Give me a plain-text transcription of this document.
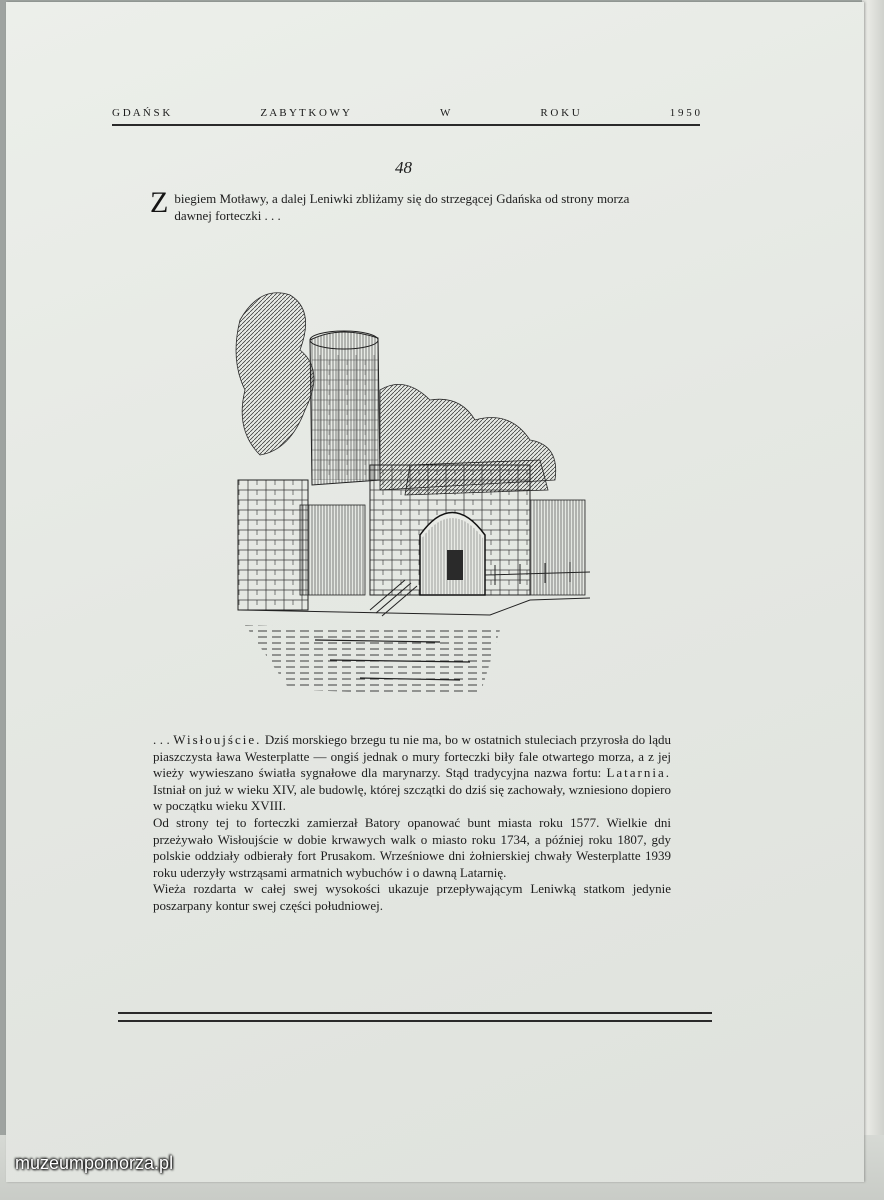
G D A Ń S K	Z A B Y T K O W Y	W	R O K U	1 9 5 0
48
Z biegiem Motławy, a dalej Leniwki zbliżamy się do strzegącej Gdańska od strony morza dawnej forteczki . . .

. . . Wisłoujście. Dziś morskiego brzegu tu nie ma, bo w ostatnich stuleciach przyrosła do lądu piaszczysta ława Westerplatte — ongiś jednak o mury forteczki biły fale otwartego morza, a z jej wieży wywieszano światła sygnałowe dla marynarzy. Stąd tradycyjna nazwa fortu: Latarnia. Istniał on już w wieku XIV, ale budowlę, której szczątki do dziś się zachowały, wzniesiono dopiero w początku wieku XVIII.

Od strony tej to forteczki zamierzał Batory opanować bunt miasta roku 1577. Wielkie dni przeżywało Wisłoujście w dobie krwawych walk o miasto roku 1734, a później roku 1807, gdy polskie oddziały odbierały fort Prusakom. Wrześniowe dni żołnierskiej chwały Westerplatte 1939 roku uderzyły wstrząsami armatnich wybuchów i o dawną Latarnię.

Wieża rozdarta w całej swej wysokości ukazuje przepływającym Leniwką statkom jedynie poszarpany kontur swej części południowej.

muzeumpomorza.pl
